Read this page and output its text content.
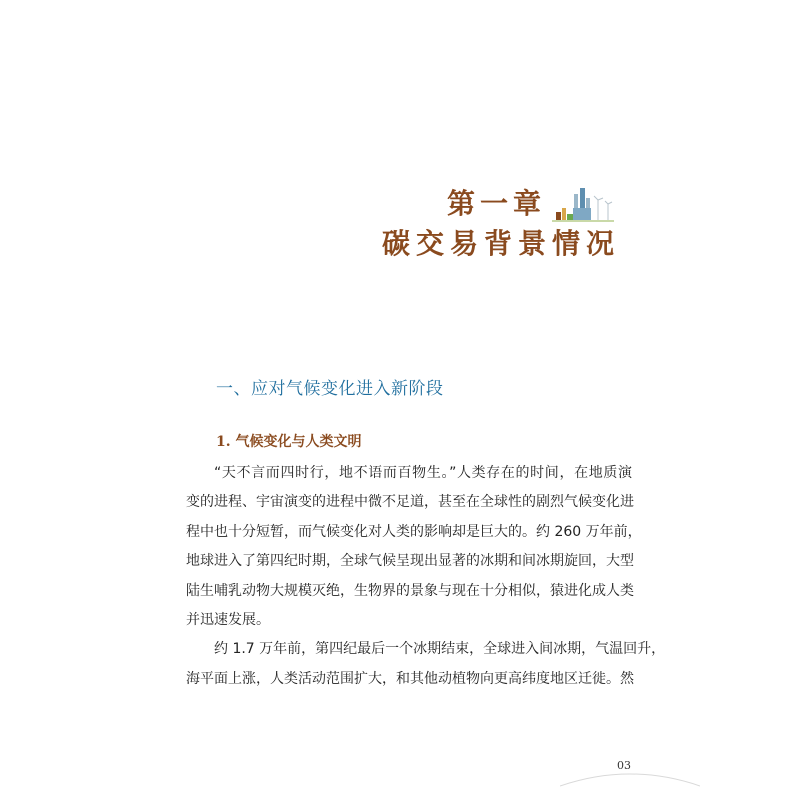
第一章
碳交易背景情况
一、应对气候变化进入新阶段
1. 气候变化与人类文明

“天不言而四时行，地不语而百物生。”人类存在的时间，在地质演
变的进程、宇宙演变的进程中微不足道，甚至在全球性的剧烈气候变化进
程中也十分短暂，而气候变化对人类的影响却是巨大的。约 260 万年前，
地球进入了第四纪时期，全球气候呈现出显著的冰期和间冰期旋回，大型
陆生哺乳动物大规模灭绝，生物界的景象与现在十分相似，猿进化成人类
并迅速发展。

约 1.7 万年前，第四纪最后一个冰期结束，全球进入间冰期，气温回升，
海平面上涨，人类活动范围扩大，和其他动植物向更高纬度地区迁徙。然

03
